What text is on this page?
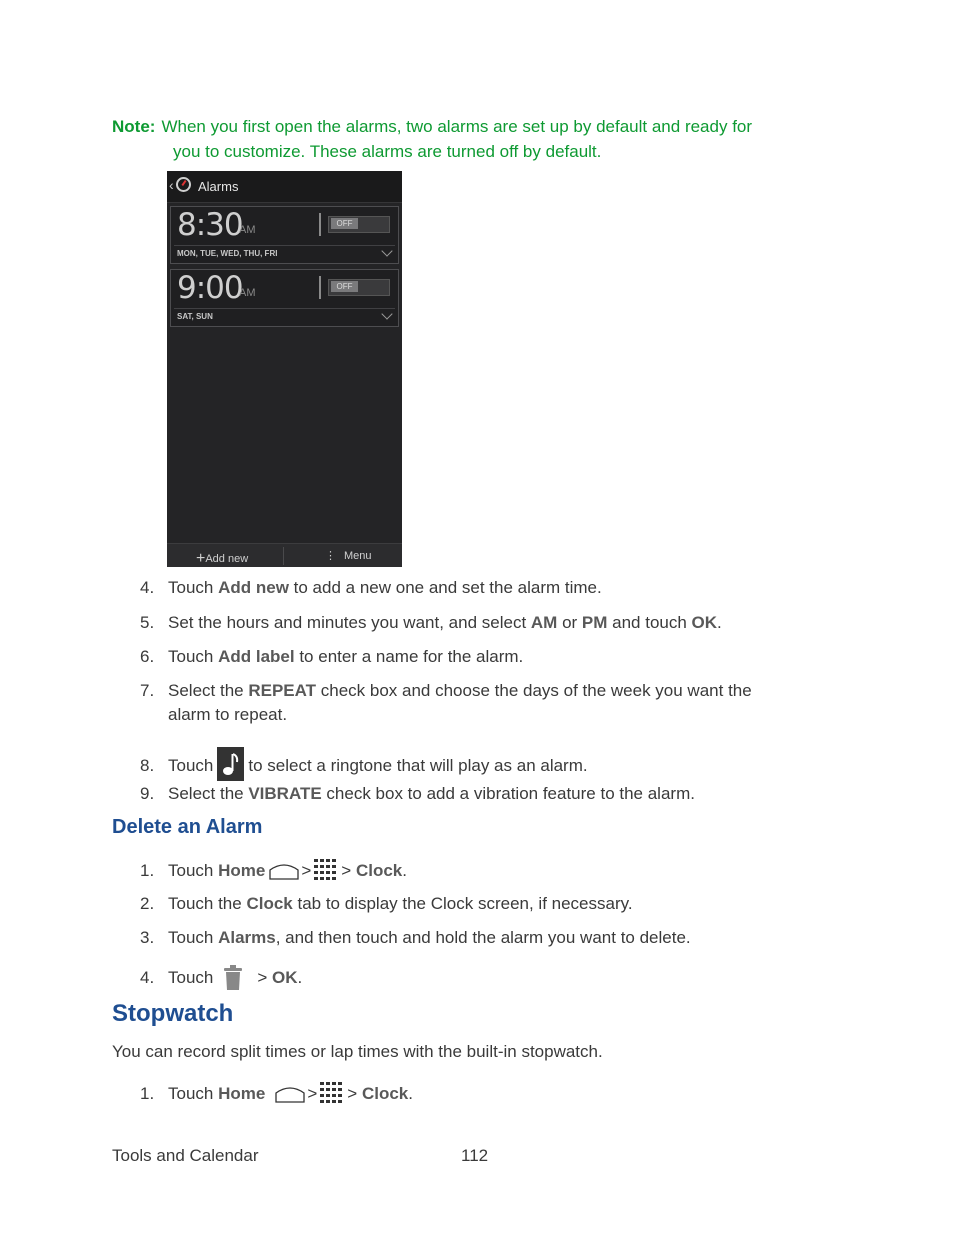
Note: When you first open the alarms, two alarms are set up by default and ready for
you to customize. These alarms are turned off by default.
‹ Alarms
8:30
AM
OFF
MON, TUE, WED, THU, FRI
9:00
AM
OFF
SAT, SUN
+Add new	⋮ Menu
4. Touch Add new to add a new one and set the alarm time.
5. Set the hours and minutes you want, and select AM or PM and touch OK.
6. Touch Add label to enter a name for the alarm.
7. Select the REPEAT check box and choose the days of the week you want the
alarm to repeat.
8. Touch to select a ringtone that will play as an alarm.
9. Select the VIBRATE check box to add a vibration feature to the alarm.
Delete an Alarm
1. Touch Home > > Clock.
2. Touch the Clock tab to display the Clock screen, if necessary.
3. Touch Alarms, and then touch and hold the alarm you want to delete.
4. Touch	> OK.
Stopwatch
You can record split times or lap times with the built-in stopwatch.
1. Touch Home > > Clock.
Tools and Calendar	112
